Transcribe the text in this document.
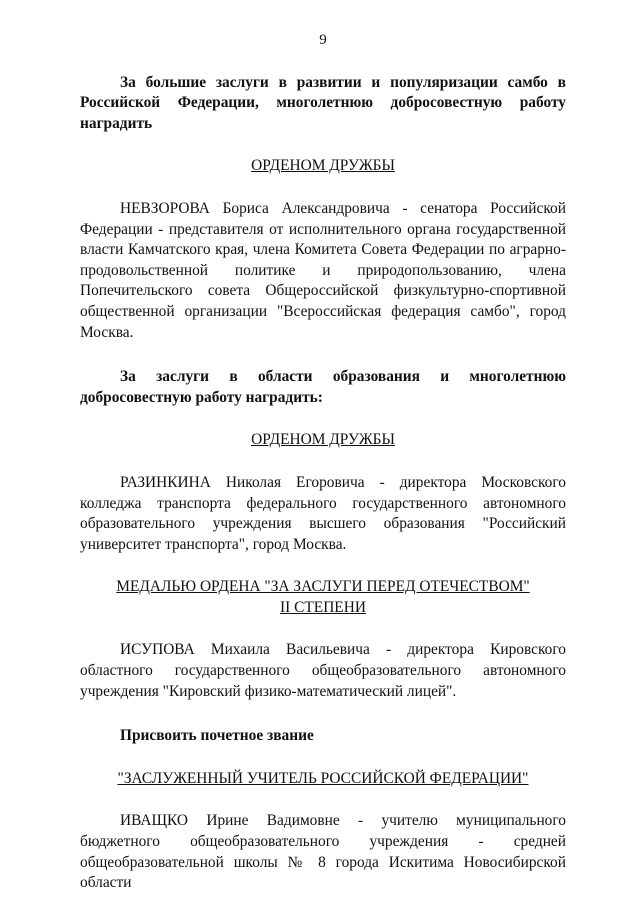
9

За большие заслуги в развитии и популяризации самбо в Российской Федерации, многолетнюю добросовестную работу наградить

ОРДЕНОМ ДРУЖБЫ

НЕВЗОРОВА Бориса Александровича - сенатора Российской Федерации - представителя от исполнительного органа государственной власти Камчатского края, члена Комитета Совета Федерации по аграрно-продовольственной политике и природопользованию, члена Попечительского совета Общероссийской физкультурно-спортивной общественной организации "Всероссийская федерация самбо", город Москва.

За заслуги в области образования и многолетнюю добросовестную работу наградить:

ОРДЕНОМ ДРУЖБЫ

РАЗИНКИНА Николая Егоровича - директора Московского колледжа транспорта федерального государственного автономного образовательного учреждения высшего образования "Российский университет транспорта", город Москва.

МЕДАЛЬЮ ОРДЕНА "ЗА ЗАСЛУГИ ПЕРЕД ОТЕЧЕСТВОМ"

II СТЕПЕНИ

ИСУПОВА Михаила Васильевича - директора Кировского областного государственного общеобразовательного автономного учреждения "Кировский физико-математический лицей".

Присвоить почетное звание

"ЗАСЛУЖЕННЫЙ УЧИТЕЛЬ РОССИЙСКОЙ ФЕДЕРАЦИИ"

ИВАЩКО Ирине Вадимовне - учителю муниципального бюджетного общеобразовательного учреждения - средней общеобразовательной школы № 8 города Искитима Новосибирской области
